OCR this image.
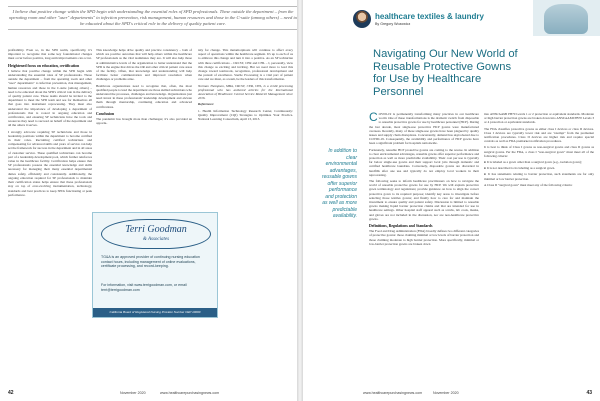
I believe that positive change within the SPD begin with understanding the essential roles of SPD professionals. These outside the department – from the operating room and other "user" departments" to infection prevention, risk management, human resources and those in the C-suite (among others) – need to be educated about the SPD's critical role in the delivery of quality patient care.

profitability. Even so, in the SPD realm, specifically, it's important to recognize that some key foundational changes must occur before positive, long-term improvements can occur.

Heightened focus on education, certification

I believe that positive change within the SPD begin with understanding the essential roles of SP professionals. Those outside the department – from the operating room and other "user" departments" to infection prevention, risk management, human resources and those in the C-suite (among others) – need to be educated about the SPD's critical role in the delivery of quality patient care. These teams should be invited to the department to meet the SPD team and see for themselves all that goes into instrument reprocessing. They must also understand the importance of developing a department of professionals that is rooted in ongoing education and certification, and ensuring SP technicians have the tools and resources they need to succeed on behalf of the department and all the others it serves.

I strongly advocate requiring SP technicians and those in leadership positions within the department to become certified in their roles. Recruiting certified technicians and compensating for advanced skills and years of service can help set the framework for success in the department and in all areas of customer service. These qualified technicians can become part of a leadership development pool, which further reinforces value in the healthcare facility. Certification helps ensure that SP professionals possess the essential knowledge and skills necessary for managing their many essential departmental duties safely, efficiently and consistently. Additionally, the ongoing education required for SP professionals to maintain their certification status helps ensure that these professionals stay on top of ever-evolving instrumentation, technology, standards and best practices to keep SPDs functioning at peak performance.

This knowledge helps drive quality and practice consistency – both of which are positive outcomes that will help others within the healthcare SP professionals as the vital teammates they are. It will also help those at administrative levels of the organization to better understand that the SPD is the engine that drives the OR and other critical patient care areas of the facility. Often, that knowledge and understanding will help facilitate better communication and improved resolution when challenges or problems arise.

Healthcare organizations need to recognize that, often, the most qualified people to lead the department are those skilled technicians who understand the processes, challenges and knowledge. Organizations just need invest in these professionals' leadership development and elevate them through mentorship, continuing education and advanced certifications.

Conclusion

The pandemic has brought more than challenges; it's also provided an opportu-

nity for change. This metamorphosis will continue to affect every aspect of operations within the healthcare segment. It's up to each of us to embrace this change and turn it into a positive. As an SP technician with three certifications – CRCST, CER and CHL – I, personally, view this change as exciting and inviting. But we need more to lead this change toward teamwork, recognition, professional development and the pursuit of excellence. Sterile Processing is a vital part of patient care and we must, as a team, be the leaders of this transformation.

Norman Thompson, MBA, CRCST, CER, CHL, is a credit processing professional who has authored articles for the International Association of Healthcare Central Service Materiel Management since 2016.

References:

1. Health Information Technology Research Center, Continuously: Quality Improvement (CQI) Strategies to Optimize Your Practice. National Learning Consortium, April 13, 2013.

Terri Goodman
& Associates
TG&A is an approved provider of continuing nursing education contact hours, including management of online evaluations, certificate processing, and record-keeping.
For information, visit www.terrigoodman.com, or email terri@terrigoodman.com
California Board of Registered Nursing Provider Number CEP 10000
42	November 2020	www.healthcarepurchasingnews.com
healthcare textiles & laundry
By Gregory Wozowicz
Navigating Our New World of Reusable Protective Gowns for Use by Healthcare Personnel
In addition to clear environmental advantages, reusable gowns offer superior performance and protection as well as more predictable availability.

COVID-19 is permanently transforming many practices in our healthcare world. One of these transformations is the dramatic switch from disposable to reusable protective gowns for use by healthcare personnel (HCP). During the last decade, most single-use protective HCP gowns were manufactured overseas. Recently, many of these single-use gowns have been plagued by quality issues and supply chain disruptions. Concurrently, demand has skyrocketed due to COVID-19. Consequently, the availability and performance of HCP gowns have been a significant problem for hospitals nationwide.

Fortunately, reusable HCP protective gowns are coming to the rescue. In addition to clear environmental advantages, reusable gowns offer superior performance and protection as well as more predictable availability. Their cost per use is typically far below single-use gowns and their support local jobs through domestic and certified healthcare laundries. Conversely, disposable gowns are discarded in landfills after one use and typically do not employ local workers in their reprocessing.

The following seeks to inform healthcare practitioners on how to navigate the world of reusable protective gowns for use by HCP. We will explain protective gown terminology and regulations; provide guidance on how to align the correct protective gown to its required purpose; identify key areas to investigate before selecting those textiles gowns; and finally how to care for and maintain the investment to ensure quality and patient safety. Discussion is limited to reusable gowns making liquid barrier protection claims and that are intended for use in healthcare settings. Other hospital staff apparel such as scrubs, lab coats, masks, and gloves are not included in the discussion, nor are non-healthcare protective gowns.

Definitions, Regulations and Standards

The Food and Drug Administration (FDA) broadly defines two different categories of protective gowns: those claiming minimal or low levels of barrier protection and those claiming moderate to high barrier protection. More specifically, minimal or low-barrier protection gowns are broken down

into ANSI/AAMI PB70 Levels 1 or 2 protection or equivalent standards. Moderate or high barrier protection gowns are broken down into ANSI/AAMI PB70 Levels 3 or 4 protection or equivalent standards.

The FDA classifies protective gowns as either class I devices or class II devices. Class I devices are typically lower risk and are "exempt" from the premarket notification procedures. Class II devices are higher risk and require special controls as well as FDA premarket notification procedures.

It is best to think of Class I gowns as non-surgical gowns and class II gowns as surgical gowns. Per the FDA, a class I "non-surgical gown" must meet all of the following criteria:

● It is labeled as a gown other than a surgical gown (e.g., isolation gown);

● It is not described to its labeling as a surgical gown.

● It has statements relating to barrier protection, such statements are for only minimal or low barrier protection.

A Class II "surgical gown" must meet any of the following criteria:

www.healthcarepurchasingnews.com	November 2020	43
